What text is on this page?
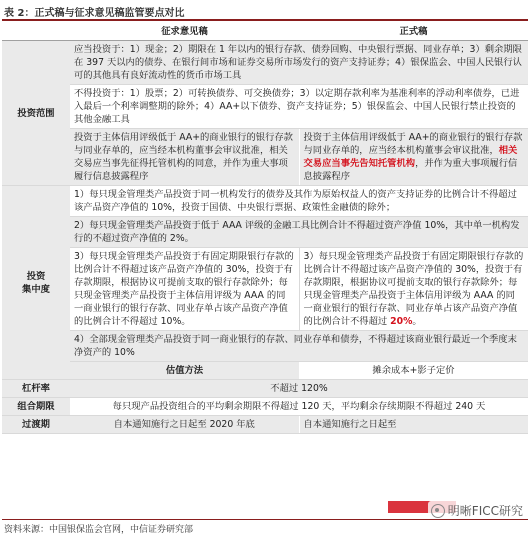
表 2：正式稿与征求意见稿监管要点对比
	征求意见稿	正式稿
投资范围	应当投资于：1）现金；2）期限在 1 年以内的银行存款、债券回购、中央银行票据、同业存单；3）剩余期限在 397 天以内的债券、在银行间市场和证券交易所市场发行的资产支持证券；4）银保监会、中国人民银行认可的其他具有良好流动性的货币市场工具	
	不得投资于：1）股票；2）可转换债券、可交换债券；3）以定期存款利率为基准利率的浮动利率债券，已进入最后一个利率调整期的除外；4）AA+以下债券、资产支持证券；5）银保监会、中国人民银行禁止投资的其他金融工具	
	投资于主体信用评级低于 AA+的商业银行的银行存款与同业存单的，应当经本机构董事会审议批准，相关交易应当事先征得托管机构的同意，并作为重大事项履行信息披露程序	投资于主体信用评级低于 AA+的商业银行的银行存款与同业存单的，应当经本机构董事会审议批准，相关交易应当事先告知托管机构，并作为重大事项履行信息披露程序

投资
集中度	1）每只现金管理类产品投资于同一机构发行的债券及其作为原始权益人的资产支持证券的比例合计不得超过该产品资产净值的 10%，投资于国债、中央银行票据、政策性金融债的除外；	
	2）每只现金管理类产品投资于低于 AAA 评级的金融工具比例合计不得超过资产净值 10%，其中单一机构发行的不超过资产净值的 2%。	
	3）每只现金管理类产品投资于有固定期限银行存款的比例合计不得超过该产品资产净值的 30%，投资于有存款期限，根据协议可提前支取的银行存款除外；每只现金管理类产品投资于主体信用评级为 AAA 的同一商业银行的银行存款、同业存单占该产品资产净值的比例合计不得超过 10%。	3）每只现金管理类产品投资于有固定期限银行存款的比例合计不得超过该产品资产净值的 30%，投资于有存款期限，根据协议可提前支取的银行存款除外；每只现金管理类产品投资于主体信用评级为 AAA 的同一商业银行的银行存款、同业存单占该产品资产净值的比例合计不得超过 20%。
	4）全部现金管理类产品投资于同一商业银行的存款、同业存单和债券，不得超过该商业银行最近一个季度末净资产的 10%	
	估值方法	摊余成本+影子定价
杠杆率	不超过 120%	
组合期限	每只现产品投资组合的平均剩余期限不得超过 120 天，平均剩余存续期限不得超过 240 天	
过渡期	自本通知施行之日起至 2020 年底	自本通知施行之日起至
明晰FICC研究
资料来源：中国银保监会官网，中信证券研究部
